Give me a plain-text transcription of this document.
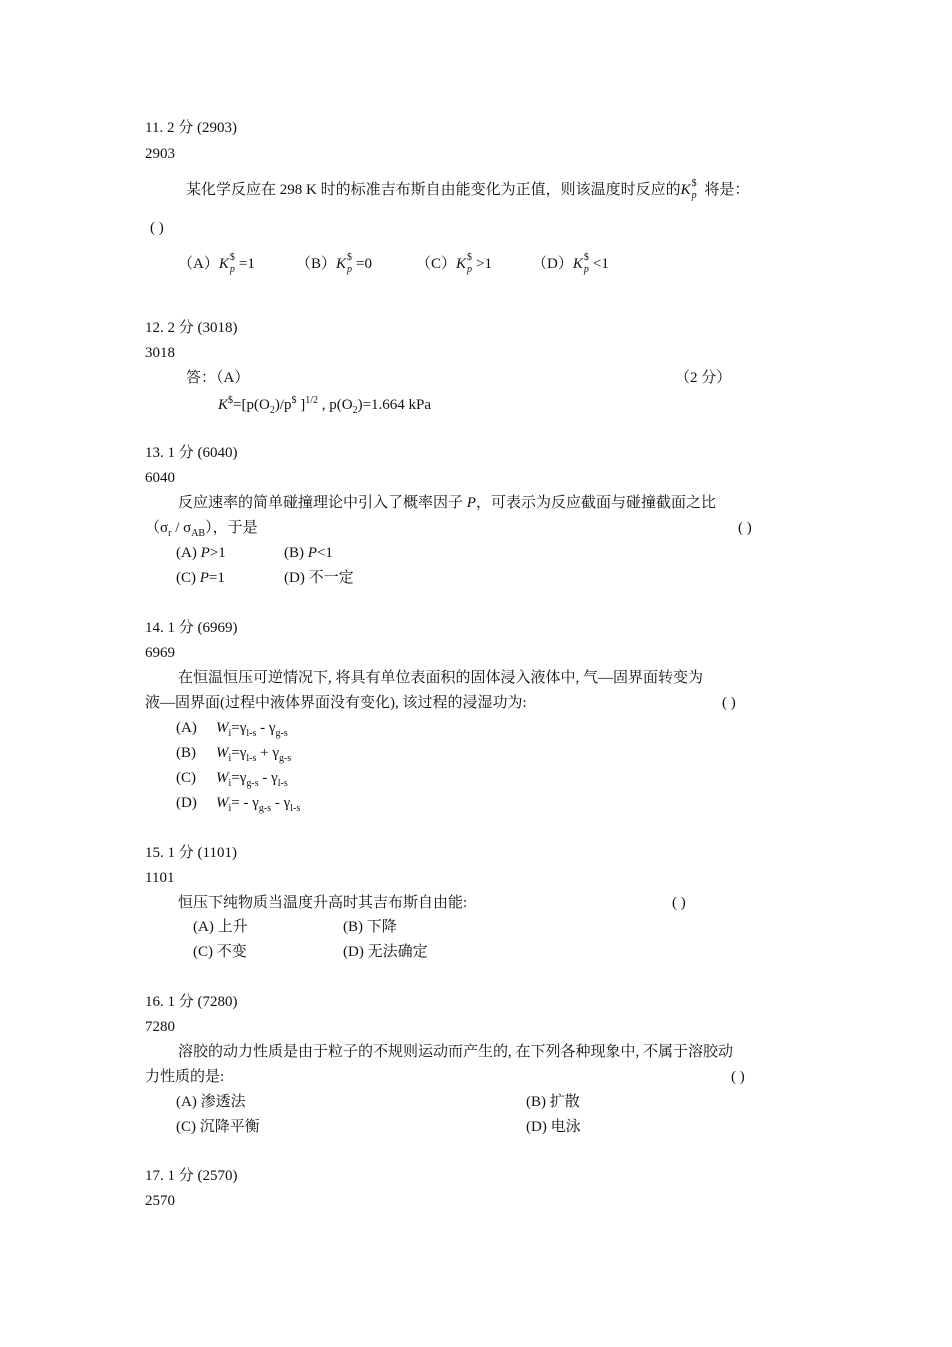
11. 2 分 (2903)
2903
某化学反应在 298 K 时的标准吉布斯自由能变化为正值，则该温度时反应的K $
p 将是：
( )
（A）K $
p =1	（B）K $
p =0	（C）K $
p >1	（D）K $
p <1
12. 2 分 (3018)
3018
答：（A）	（2 分）
$K^{\$}=[p(O_2)/p^{\$}$ ]$^{1/2}$ , $p(O_2)=1.664$ kPa
13. 1 分 (6040)
6040
反应速率的简单碰撞理论中引入了概率因子 P，可表示为反应截面与碰撞截面之比
$(\sigma_r / \sigma_{AB})$，于是	( )
(A) P>1	(B) P<1
(C) P=1	(D) 不一定
14. 1 分 (6969)
6969
在恒温恒压可逆情况下, 将具有单位表面积的固体浸入液体中, 气—固界面转变为
液—固界面(过程中液体界面没有变化), 该过程的浸湿功为:	( )
(A) $W_i=\gamma_{l-s} - \gamma_{g-s}$
(B) $W_i=\gamma_{l-s} + \gamma_{g-s}$
(C) $W_i=\gamma_{g-s} - \gamma_{l-s}$
(D) $W_i= - \gamma_{g-s} - \gamma_{l-s}$
15. 1 分 (1101)
1101
恒压下纯物质当温度升高时其吉布斯自由能:	( )
(A) 上升	(B) 下降
(C) 不变	(D) 无法确定
16. 1 分 (7280)
7280
溶胶的动力性质是由于粒子的不规则运动而产生的, 在下列各种现象中, 不属于溶胶动
力性质的是:	( )
(A) 渗透法	(B) 扩散
(C) 沉降平衡	(D) 电泳
17. 1 分 (2570)
2570
